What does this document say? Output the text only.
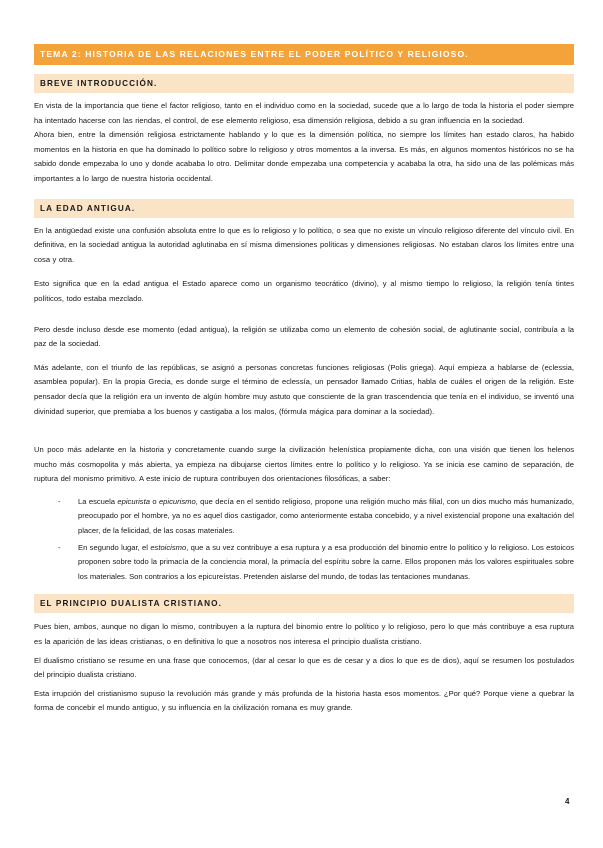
TEMA 2: HISTORIA DE LAS RELACIONES ENTRE EL PODER POLÍTICO Y RELIGIOSO.
BREVE INTRODUCCIÓN.

En vista de la importancia que tiene el factor religioso, tanto en el individuo como en la sociedad, sucede que a lo largo de toda la historia el poder siempre ha intentado hacerse con las riendas, el control, de ese elemento religioso, esa dimensión religiosa, debido a su gran influencia en la sociedad.

Ahora bien, entre la dimensión religiosa estrictamente hablando y lo que es la dimensión política, no siempre los límites han estado claros, ha habido momentos en la historia en que ha dominado lo político sobre lo religioso y otros momentos a la inversa. Es más, en algunos momentos históricos no se ha sabido donde empezaba lo uno y donde acababa lo otro. Delimitar donde empezaba una competencia y acababa la otra, ha sido una de las polémicas más importantes a lo largo de nuestra historia occidental.

LA EDAD ANTIGUA.

En la antigüedad existe una confusión absoluta entre lo que es lo religioso y lo político, o sea que no existe un vínculo religioso diferente del vínculo civil. En definitiva, en la sociedad antigua la autoridad aglutinaba en sí misma dimensiones políticas y dimensiones religiosas. No estaban claros los límites entre una cosa y otra.

Esto significa que en la edad antigua el Estado aparece como un organismo teocrático (divino), y al mismo tiempo lo religioso, la religión tenía tintes políticos, todo estaba mezclado.

Pero desde incluso desde ese momento (edad antigua), la religión se utilizaba como un elemento de cohesión social, de aglutinante social, contribuía a la paz de la sociedad.

Más adelante, con el triunfo de las repúblicas, se asignó a personas concretas funciones religiosas (Polis griega). Aquí empieza a hablarse de (eclessia, asamblea popular). En la propia Grecia, es donde surge el término de eclessía, un pensador llamado Critias, habla de cuáles el origen de la religión. Este pensador decía que la religión era un invento de algún hombre muy astuto que consciente de la gran trascendencia que tenía en el individuo, se inventó una divinidad superior, que premiaba a los buenos y castigaba a los malos, (fórmula mágica para dominar a la sociedad).

Un poco más adelante en la historia y concretamente cuando surge la civilización helenística propiamente dicha, con una visión que tienen los helenos mucho más cosmopolita y más abierta, ya empieza na dibujarse ciertos límites entre lo político y lo religioso. Ya se inicia ese camino de separación, de ruptura del monismo primitivo. A este inicio de ruptura contribuyen dos orientaciones filosóficas, a saber:

- La escuela epicurista o epicurismo, que decía en el sentido religioso, propone una religión mucho más filial, con un dios mucho más humanizado, preocupado por el hombre, ya no es aquel dios castigador, como anteriormente estaba concebido, y a nivel existencial propone una exaltación del placer, de la felicidad, de las cosas materiales.
- En segundo lugar, el estoicismo, que a su vez contribuye a esa ruptura y a esa producción del binomio entre lo político y lo religioso. Los estoicos proponen sobre todo la primacía de la conciencia moral, la primacía del espíritu sobre la carne. Ellos proponen más los valores espirituales sobre los materiales. Son contrarios a los epicureístas. Pretenden aislarse del mundo, de todas las tentaciones mundanas.
EL PRINCIPIO DUALISTA CRISTIANO.

Pues bien, ambos, aunque no digan lo mismo, contribuyen a la ruptura del binomio entre lo político y lo religioso, pero lo que más contribuye a esa ruptura es la aparición de las ideas cristianas, o en definitiva lo que a nosotros nos interesa el principio dualista cristiano.

El dualismo cristiano se resume en una frase que conocemos, (dar al cesar lo que es de cesar y a dios lo que es de dios), aquí se resumen los postulados del principio dualista cristiano.

Esta irrupción del cristianismo supuso la revolución más grande y más profunda de la historia hasta esos momentos. ¿Por qué? Porque viene a quebrar la forma de concebir el mundo antiguo, y su influencia en la civilización romana es muy grande.

4
